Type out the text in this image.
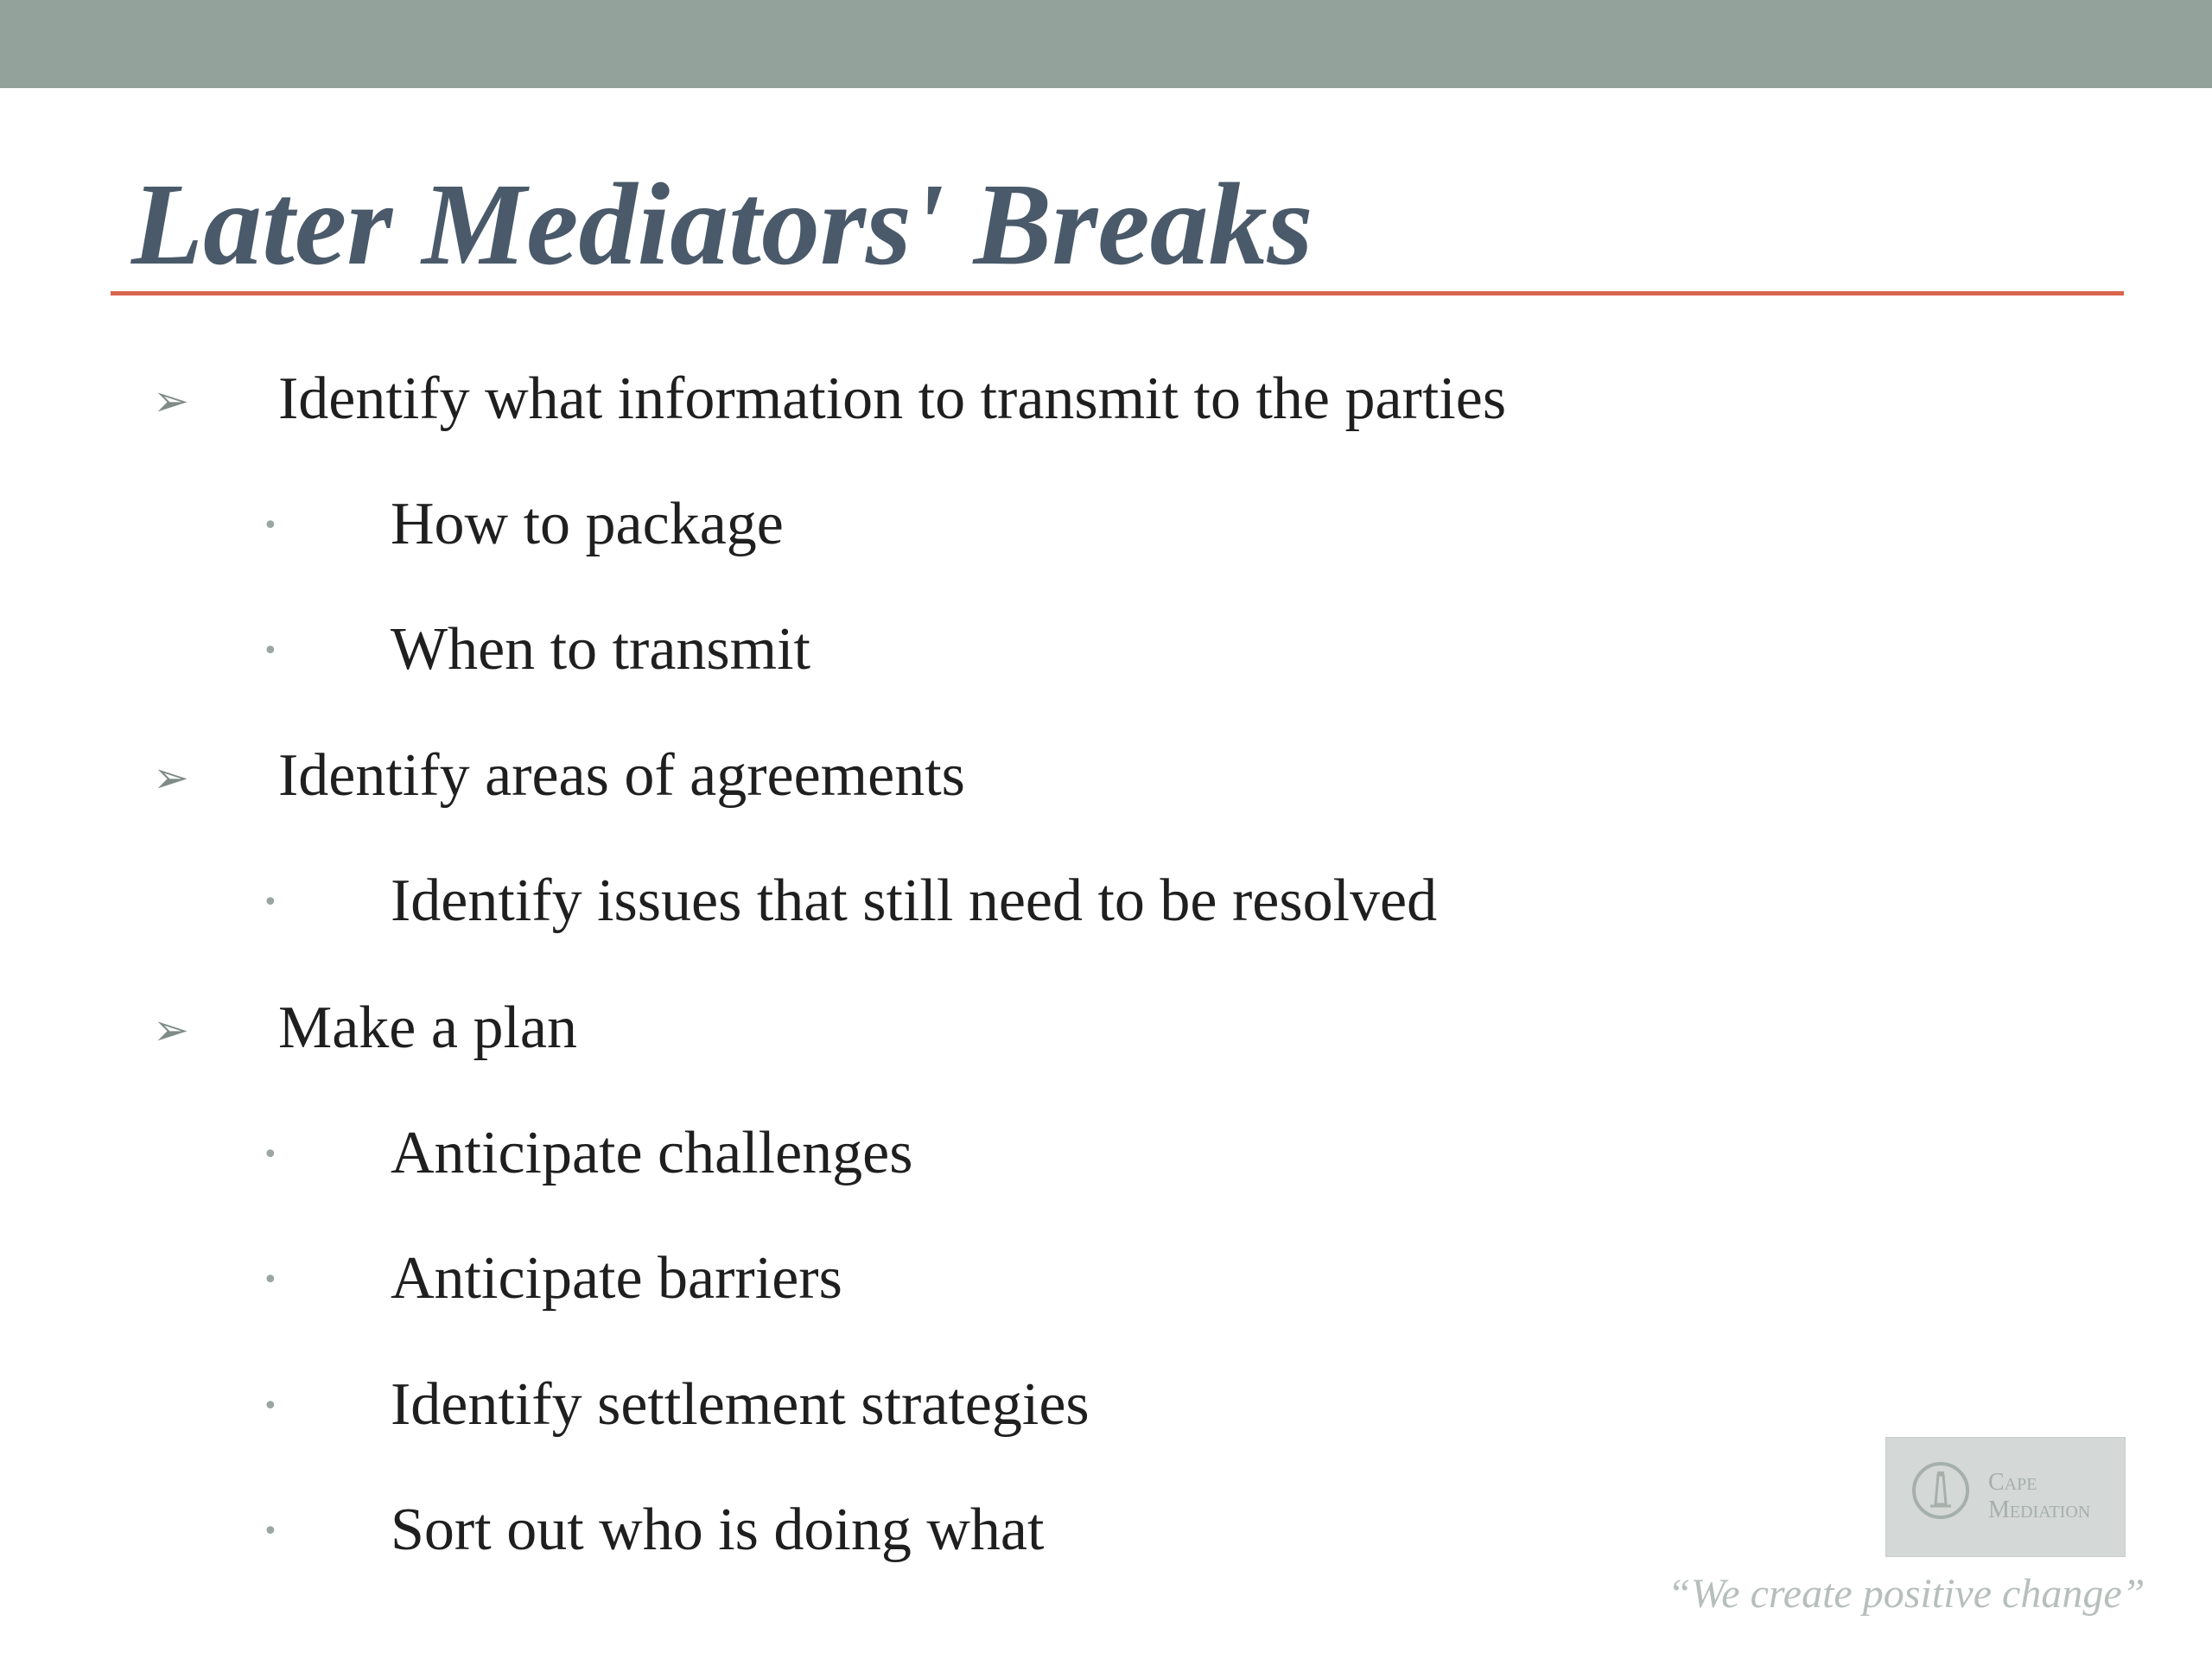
Later Mediators' Breaks
➢ Identify what information to transmit to the parties
• How to package
• When to transmit
➢ Identify areas of agreements
• Identify issues that still need to be resolved
➢ Make a plan
• Anticipate challenges
• Anticipate barriers
• Identify settlement strategies
• Sort out who is doing what
Cape
Mediation
“We create positive change”
